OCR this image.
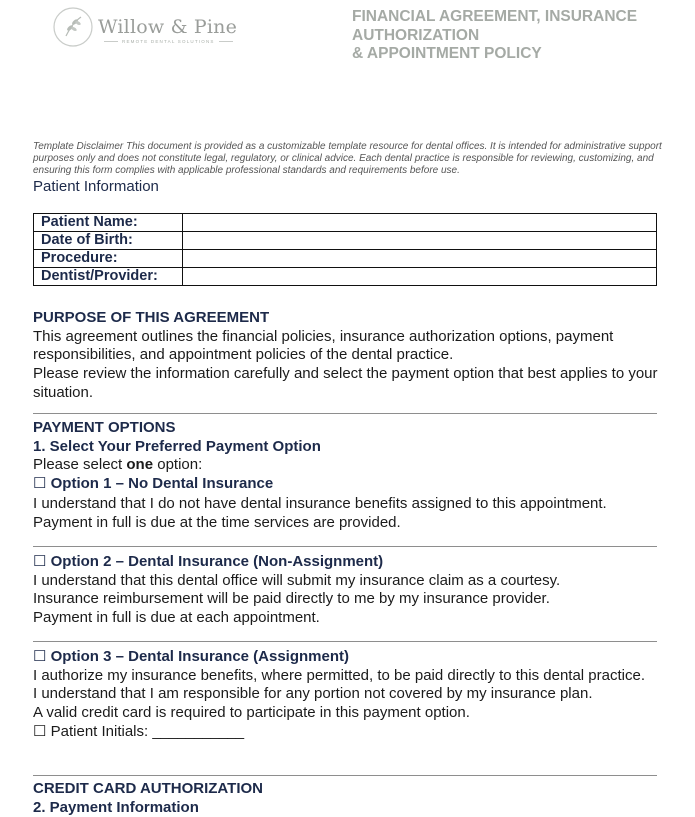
Willow & Pine
REMOTE DENTAL SOLUTIONS
FINANCIAL AGREEMENT, INSURANCE
AUTHORIZATION
& APPOINTMENT POLICY
Template Disclaimer This document is provided as a customizable template resource for dental offices. It is intended for administrative support purposes only and does not constitute legal, regulatory, or clinical advice. Each dental practice is responsible for reviewing, customizing, and ensuring this form complies with applicable professional standards and requirements before use.
Patient Information
Patient Name:	
Date of Birth:	
Procedure:	
Dentist/Provider:	
PURPOSE OF THIS AGREEMENT
This agreement outlines the financial policies, insurance authorization options, payment responsibilities, and appointment policies of the dental practice.
Please review the information carefully and select the payment option that best applies to your situation.
PAYMENT OPTIONS
1. Select Your Preferred Payment Option
Please select one option:
☐ Option 1 – No Dental Insurance
I understand that I do not have dental insurance benefits assigned to this appointment.
Payment in full is due at the time services are provided.
☐ Option 2 – Dental Insurance (Non-Assignment)
I understand that this dental office will submit my insurance claim as a courtesy.
Insurance reimbursement will be paid directly to me by my insurance provider.
Payment in full is due at each appointment.
☐ Option 3 – Dental Insurance (Assignment)
I authorize my insurance benefits, where permitted, to be paid directly to this dental practice.
I understand that I am responsible for any portion not covered by my insurance plan.
A valid credit card is required to participate in this payment option.
☐ Patient Initials: ___________
CREDIT CARD AUTHORIZATION
2. Payment Information
